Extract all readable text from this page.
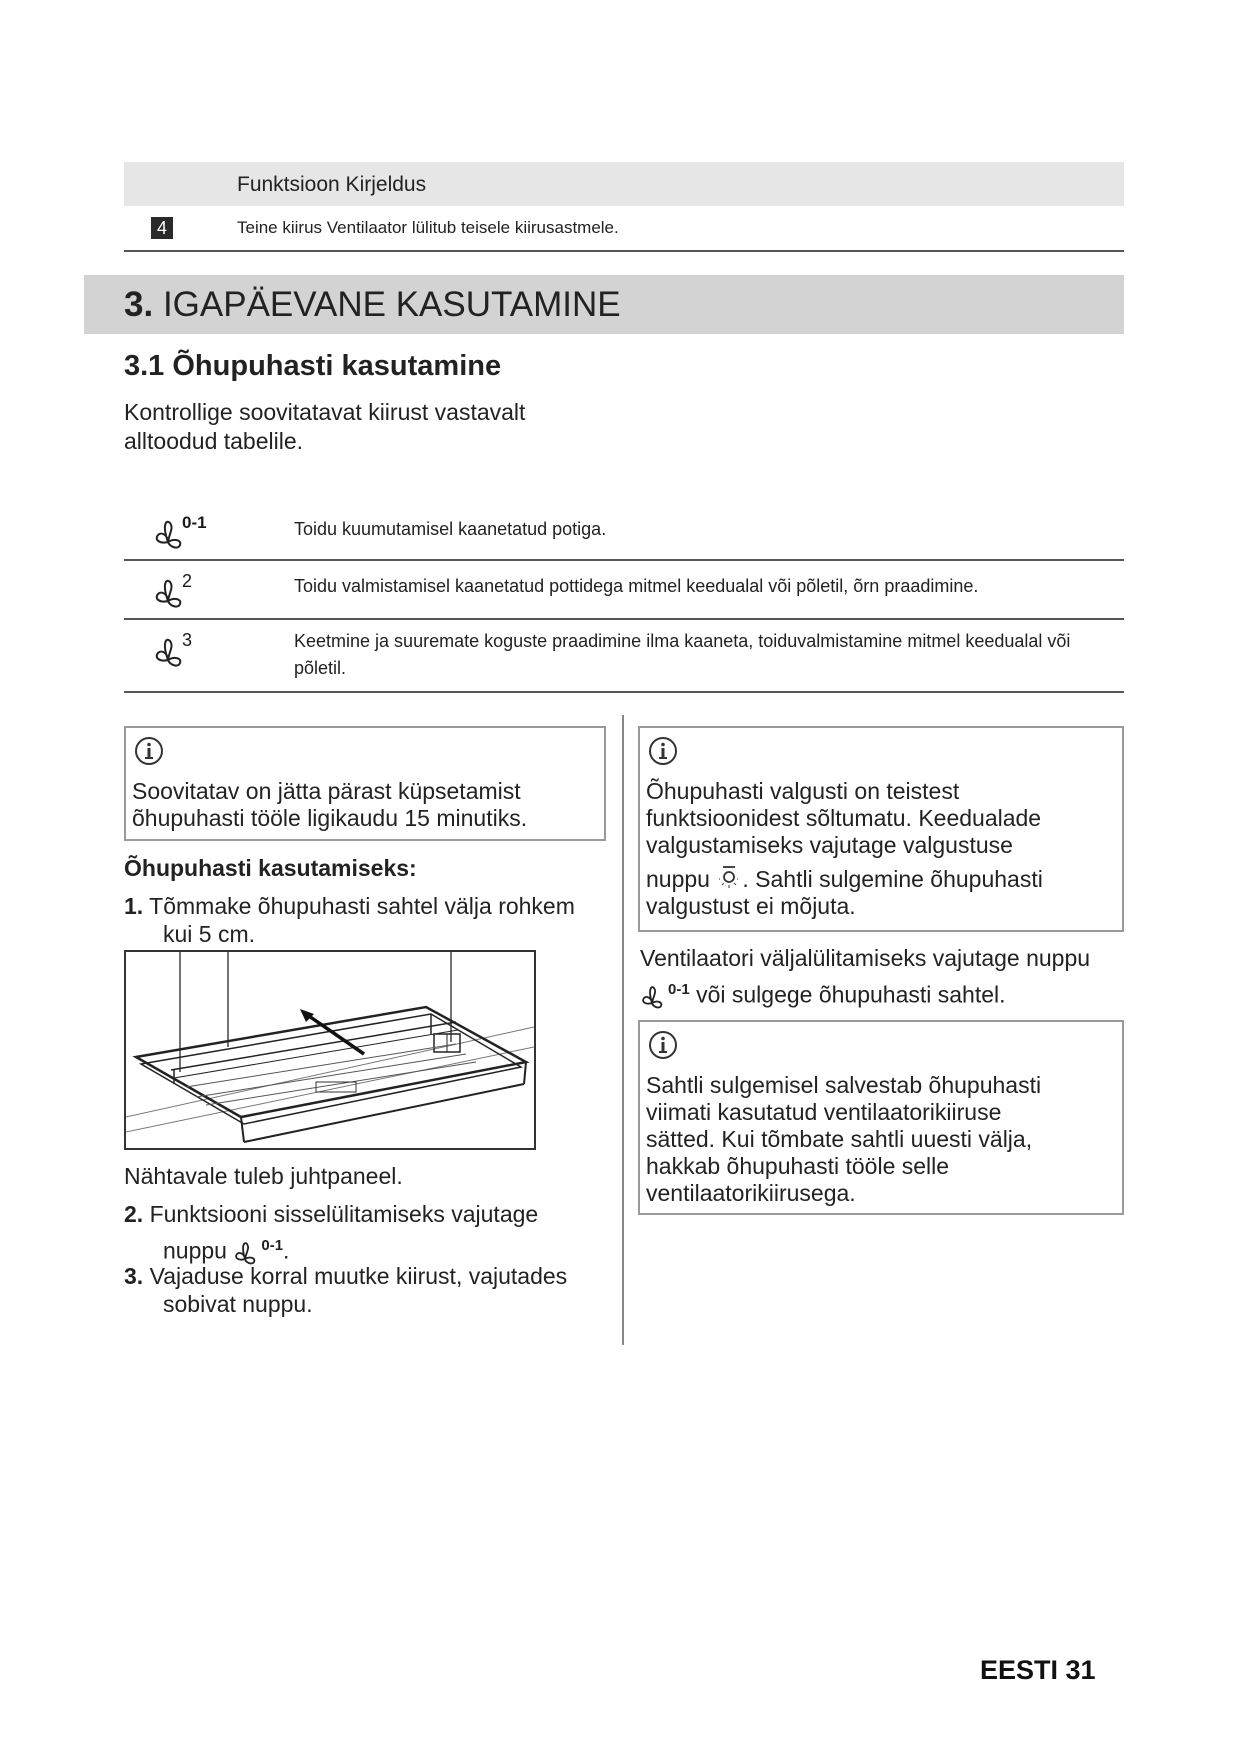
Funktsioon Kirjeldus
4	Teine kiirus Ventilaator lülitub teisele kiirusastmele.
3. IGAPÄEVANE KASUTAMINE
3.1 Õhupuhasti kasutamine
Kontrollige soovitatavat kiirust vastavalt
alltoodud tabelile.
0-1	Toidu kuumutamisel kaanetatud potiga.
2	Toidu valmistamisel kaanetatud pottidega mitmel keedualal või põletil, õrn praadimine.
3	Keetmine ja suuremate koguste praadimine ilma kaaneta, toiduvalmistamine mitmel keedualal või põletil.
Soovitatav on jätta pärast küpsetamist
õhupuhasti tööle ligikaudu 15 minutiks.
Õhupuhasti kasutamiseks:
1. Tõmmake õhupuhasti sahtel välja rohkem
kui 5 cm.
Nähtavale tuleb juhtpaneel.
2. Funktsiooni sisselülitamiseks vajutage
nuppu $^{0-1}$.
3. Vajaduse korral muutke kiirust, vajutades
sobivat nuppu.
Õhupuhasti valgusti on teistest
funktsioonidest sõltumatu. Keedualade
valgustamiseks vajutage valgustuse
nuppu . Sahtli sulgemine õhupuhasti
valgustust ei mõjuta.
Ventilaatori väljalülitamiseks vajutage nuppu
$^{0-1}$ või sulgege õhupuhasti sahtel.
Sahtli sulgemisel salvestab õhupuhasti
viimati kasutatud ventilaatorikiiruse
sätted. Kui tõmbate sahtli uuesti välja,
hakkab õhupuhasti tööle selle
ventilaatorikiirusega.
EESTI 31
